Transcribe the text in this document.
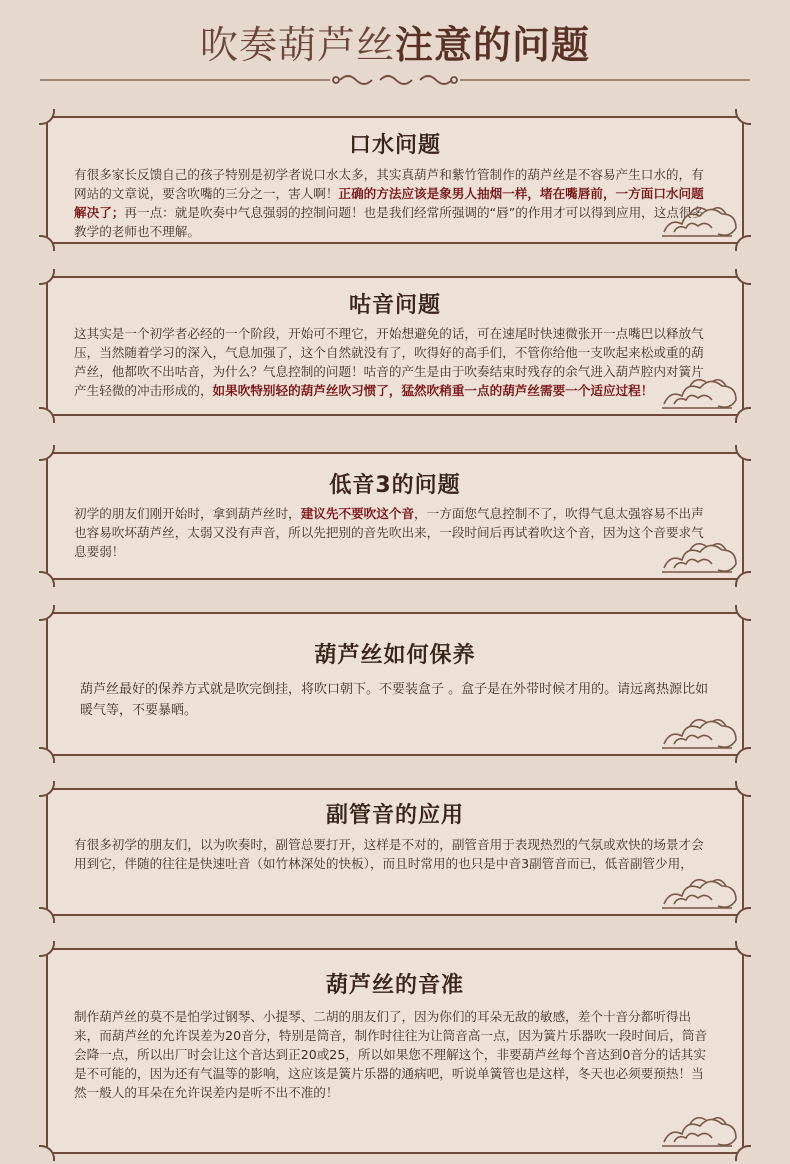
吹奏葫芦丝注意的问题
口水问题

有很多家长反馈自己的孩子特别是初学者说口水太多，其实真葫芦和紫竹管制作的葫芦丝是不容易产生口水的，有网站的文章说，要含吹嘴的三分之一，害人啊！正确的方法应该是象男人抽烟一样，堵在嘴唇前，一方面口水问题解决了；再一点：就是吹奏中气息强弱的控制问题！也是我们经常所强调的“唇”的作用才可以得到应用，这点很多教学的老师也不理解。

咕音问题

这其实是一个初学者必经的一个阶段，开始可不理它，开始想避免的话，可在速尾时快速微张开一点嘴巴以释放气压，当然随着学习的深入，气息加强了，这个自然就没有了，吹得好的高手们，不管你给他一支吹起来松或重的葫芦丝，他都吹不出咕音，为什么？气息控制的问题！咕音的产生是由于吹奏结束时残存的余气进入葫芦腔内对簧片产生轻微的冲击形成的，如果吹特别轻的葫芦丝吹习惯了，猛然吹稍重一点的葫芦丝需要一个适应过程！

低音3的问题

初学的朋友们刚开始时，拿到葫芦丝时，建议先不要吹这个音，一方面您气息控制不了，吹得气息太强容易不出声也容易吹坏葫芦丝，太弱又没有声音，所以先把别的音先吹出来，一段时间后再试着吹这个音，因为这个音要求气息要弱！

葫芦丝如何保养

葫芦丝最好的保养方式就是吹完倒挂，将吹口朝下。不要装盒子 。盒子是在外带时候才用的。请远离热源比如暖气等，不要暴晒。

副管音的应用

有很多初学的朋友们，以为吹奏时，副管总要打开，这样是不对的，副管音用于表现热烈的气氛或欢快的场景才会用到它，伴随的往往是快速吐音（如竹林深处的快板），而且时常用的也只是中音3副管音而已，低音副管少用，

葫芦丝的音准

制作葫芦丝的莫不是怕学过钢琴、小提琴、二胡的朋友们了，因为你们的耳朵无敌的敏感，差个十音分都听得出来，而葫芦丝的允许误差为20音分，特别是筒音，制作时往往为让筒音高一点，因为簧片乐器吹一段时间后，筒音会降一点，所以出厂时会让这个音达到正20或25，所以如果您不理解这个，非要葫芦丝每个音达到0音分的话其实是不可能的，因为还有气温等的影响，这应该是簧片乐器的通病吧，听说单簧管也是这样，冬天也必须要预热！当然一般人的耳朵在允许误差内是听不出不准的！
